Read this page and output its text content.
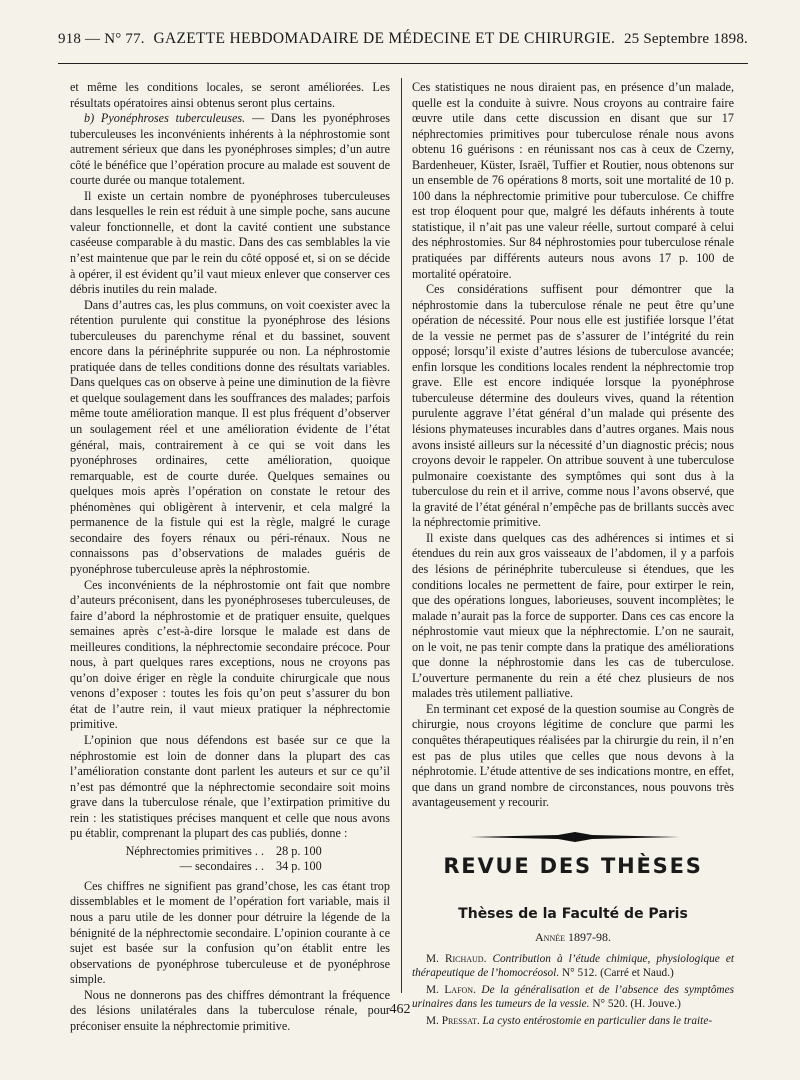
918 — N° 77. GAZETTE HEBDOMADAIRE DE MÉDECINE ET DE CHIRURGIE. 25 Septembre 1898.

et même les conditions locales, se seront améliorées. Les résultats opératoires ainsi obtenus seront plus certains.

b) Pyonéphroses tuberculeuses. — Dans les pyonéphroses tuberculeuses les inconvénients inhérents à la néphrostomie sont autrement sérieux que dans les pyonéphroses simples; d’un autre côté le bénéfice que l’opération procure au malade est souvent de courte durée ou manque totalement.

Il existe un certain nombre de pyonéphroses tuberculeuses dans lesquelles le rein est réduit à une simple poche, sans aucune valeur fonctionnelle, et dont la cavité contient une substance caséeuse comparable à du mastic. Dans des cas semblables la vie n’est maintenue que par le rein du côté opposé et, si on se décide à opérer, il est évident qu’il vaut mieux enlever que conserver ces débris inutiles du rein malade.

Dans d’autres cas, les plus communs, on voit coexister avec la rétention purulente qui constitue la pyonéphrose des lésions tuberculeuses du parenchyme rénal et du bassinet, souvent encore dans la périnéphrite suppurée ou non. La néphrostomie pratiquée dans de telles conditions donne des résultats variables. Dans quelques cas on observe à peine une diminution de la fièvre et quelque soulagement dans les souffrances des malades; parfois même toute amélioration manque. Il est plus fréquent d’observer un soulagement réel et une amélioration évidente de l’état général, mais, contrairement à ce qui se voit dans les pyonéphroses ordinaires, cette amélioration, quoique remarquable, est de courte durée. Quelques semaines ou quelques mois après l’opération on constate le retour des phénomènes qui obligèrent à intervenir, et cela malgré la permanence de la fistule qui est la règle, malgré le curage secondaire des foyers rénaux ou péri-rénaux. Nous ne connaissons pas d’observations de malades guéris de pyonéphrose tuberculeuse après la néphrostomie.

Ces inconvénients de la néphrostomie ont fait que nombre d’auteurs préconisent, dans les pyonéphroseses tuberculeuses, de faire d’abord la néphrostomie et de pratiquer ensuite, quelques semaines après c’est-à-dire lorsque le malade est dans de meilleures conditions, la néphrectomie secondaire précoce. Pour nous, à part quelques rares exceptions, nous ne croyons pas qu’on doive ériger en règle la conduite chirurgicale que nous venons d’exposer : toutes les fois qu’on peut s’assurer du bon état de l’autre rein, il vaut mieux pratiquer la néphrectomie primitive.

L’opinion que nous défendons est basée sur ce que la néphrostomie est loin de donner dans la plupart des cas l’amélioration constante dont parlent les auteurs et sur ce qu’il n’est pas démontré que la néphrectomie secondaire soit moins grave dans la tuberculose rénale, que l’extirpation primitive du rein : les statistiques précises manquent et celle que nous avons pu établir, comprenant la plupart des cas publiés, donne :

Néphrectomies primitives . . 28 p. 100
— secondaires . . 34 p. 100

Ces chiffres ne signifient pas grand’chose, les cas étant trop dissemblables et le moment de l’opération fort variable, mais il nous a paru utile de les donner pour détruire la légende de la bénignité de la néphrectomie secondaire. L’opinion courante à ce sujet est basée sur la confusion qu’on établit entre les observations de pyonéphrose tuberculeuse et de pyonéphrose simple.

Nous ne donnerons pas des chiffres démontrant la fréquence des lésions unilatérales dans la tuberculose rénale, pour préconiser ensuite la néphrectomie primitive.

Ces statistiques ne nous diraient pas, en présence d’un malade, quelle est la conduite à suivre. Nous croyons au contraire faire œuvre utile dans cette discussion en disant que sur 17 néphrectomies primitives pour tuberculose rénale nous avons obtenu 16 guérisons : en réunissant nos cas à ceux de Czerny, Bardenheuer, Küster, Israël, Tuffier et Routier, nous obtenons sur un ensemble de 76 opérations 8 morts, soit une mortalité de 10 p. 100 dans la néphrectomie primitive pour tuberculose. Ce chiffre est trop éloquent pour que, malgré les défauts inhérents à toute statistique, il n’ait pas une valeur réelle, surtout comparé à celui des néphrostomies. Sur 84 néphrostomies pour tuberculose rénale pratiquées par différents auteurs nous avons 17 p. 100 de mortalité opératoire.

Ces considérations suffisent pour démontrer que la néphrostomie dans la tuberculose rénale ne peut être qu’une opération de nécessité. Pour nous elle est justifiée lorsque l’état de la vessie ne permet pas de s’assurer de l’intégrité du rein opposé; lorsqu’il existe d’autres lésions de tuberculose avancée; enfin lorsque les conditions locales rendent la néphrectomie trop grave. Elle est encore indiquée lorsque la pyonéphrose tuberculeuse détermine des douleurs vives, quand la rétention purulente aggrave l’état général d’un malade qui présente des lésions phymateuses incurables dans d’autres organes. Mais nous avons insisté ailleurs sur la nécessité d’un diagnostic précis; nous croyons devoir le rappeler. On attribue souvent à une tuberculose pulmonaire coexistante des symptômes qui sont dus à la tuberculose du rein et il arrive, comme nous l’avons observé, que la gravité de l’état général n’empêche pas de brillants succès avec la néphrectomie primitive.

Il existe dans quelques cas des adhérences si intimes et si étendues du rein aux gros vaisseaux de l’abdomen, il y a parfois des lésions de périnéphrite tuberculeuse si étendues, que les conditions locales ne permettent de faire, pour extirper le rein, que des opérations longues, laborieuses, souvent incomplètes; le malade n’aurait pas la force de supporter. Dans ces cas encore la néphrostomie vaut mieux que la néphrectomie. L’on ne saurait, on le voit, ne pas tenir compte dans la pratique des améliorations que donne la néphrostomie dans les cas de tuberculose. L’ouverture permanente du rein a été chez plusieurs de nos malades très utilement palliative.

En terminant cet exposé de la question soumise au Congrès de chirurgie, nous croyons légitime de conclure que parmi les conquêtes thérapeutiques réalisées par la chirurgie du rein, il n’en est pas de plus utiles que celles que nous devons à la néphrotomie. L’étude attentive de ses indications montre, en effet, que dans un grand nombre de circonstances, nous pouvons très avantageusement y recourir.

REVUE DES THÈSES
Thèses de la Faculté de Paris
Année 1897-98.

M. Richaud. Contribution à l’étude chimique, physiologique et thérapeutique de l’homocréosol. N° 512. (Carré et Naud.)

M. Lafon. De la généralisation et de l’absence des symptômes urinaires dans les tumeurs de la vessie. N° 520. (H. Jouve.)

M. Pressat. La cysto entérostomie en particulier dans le traite-

462
